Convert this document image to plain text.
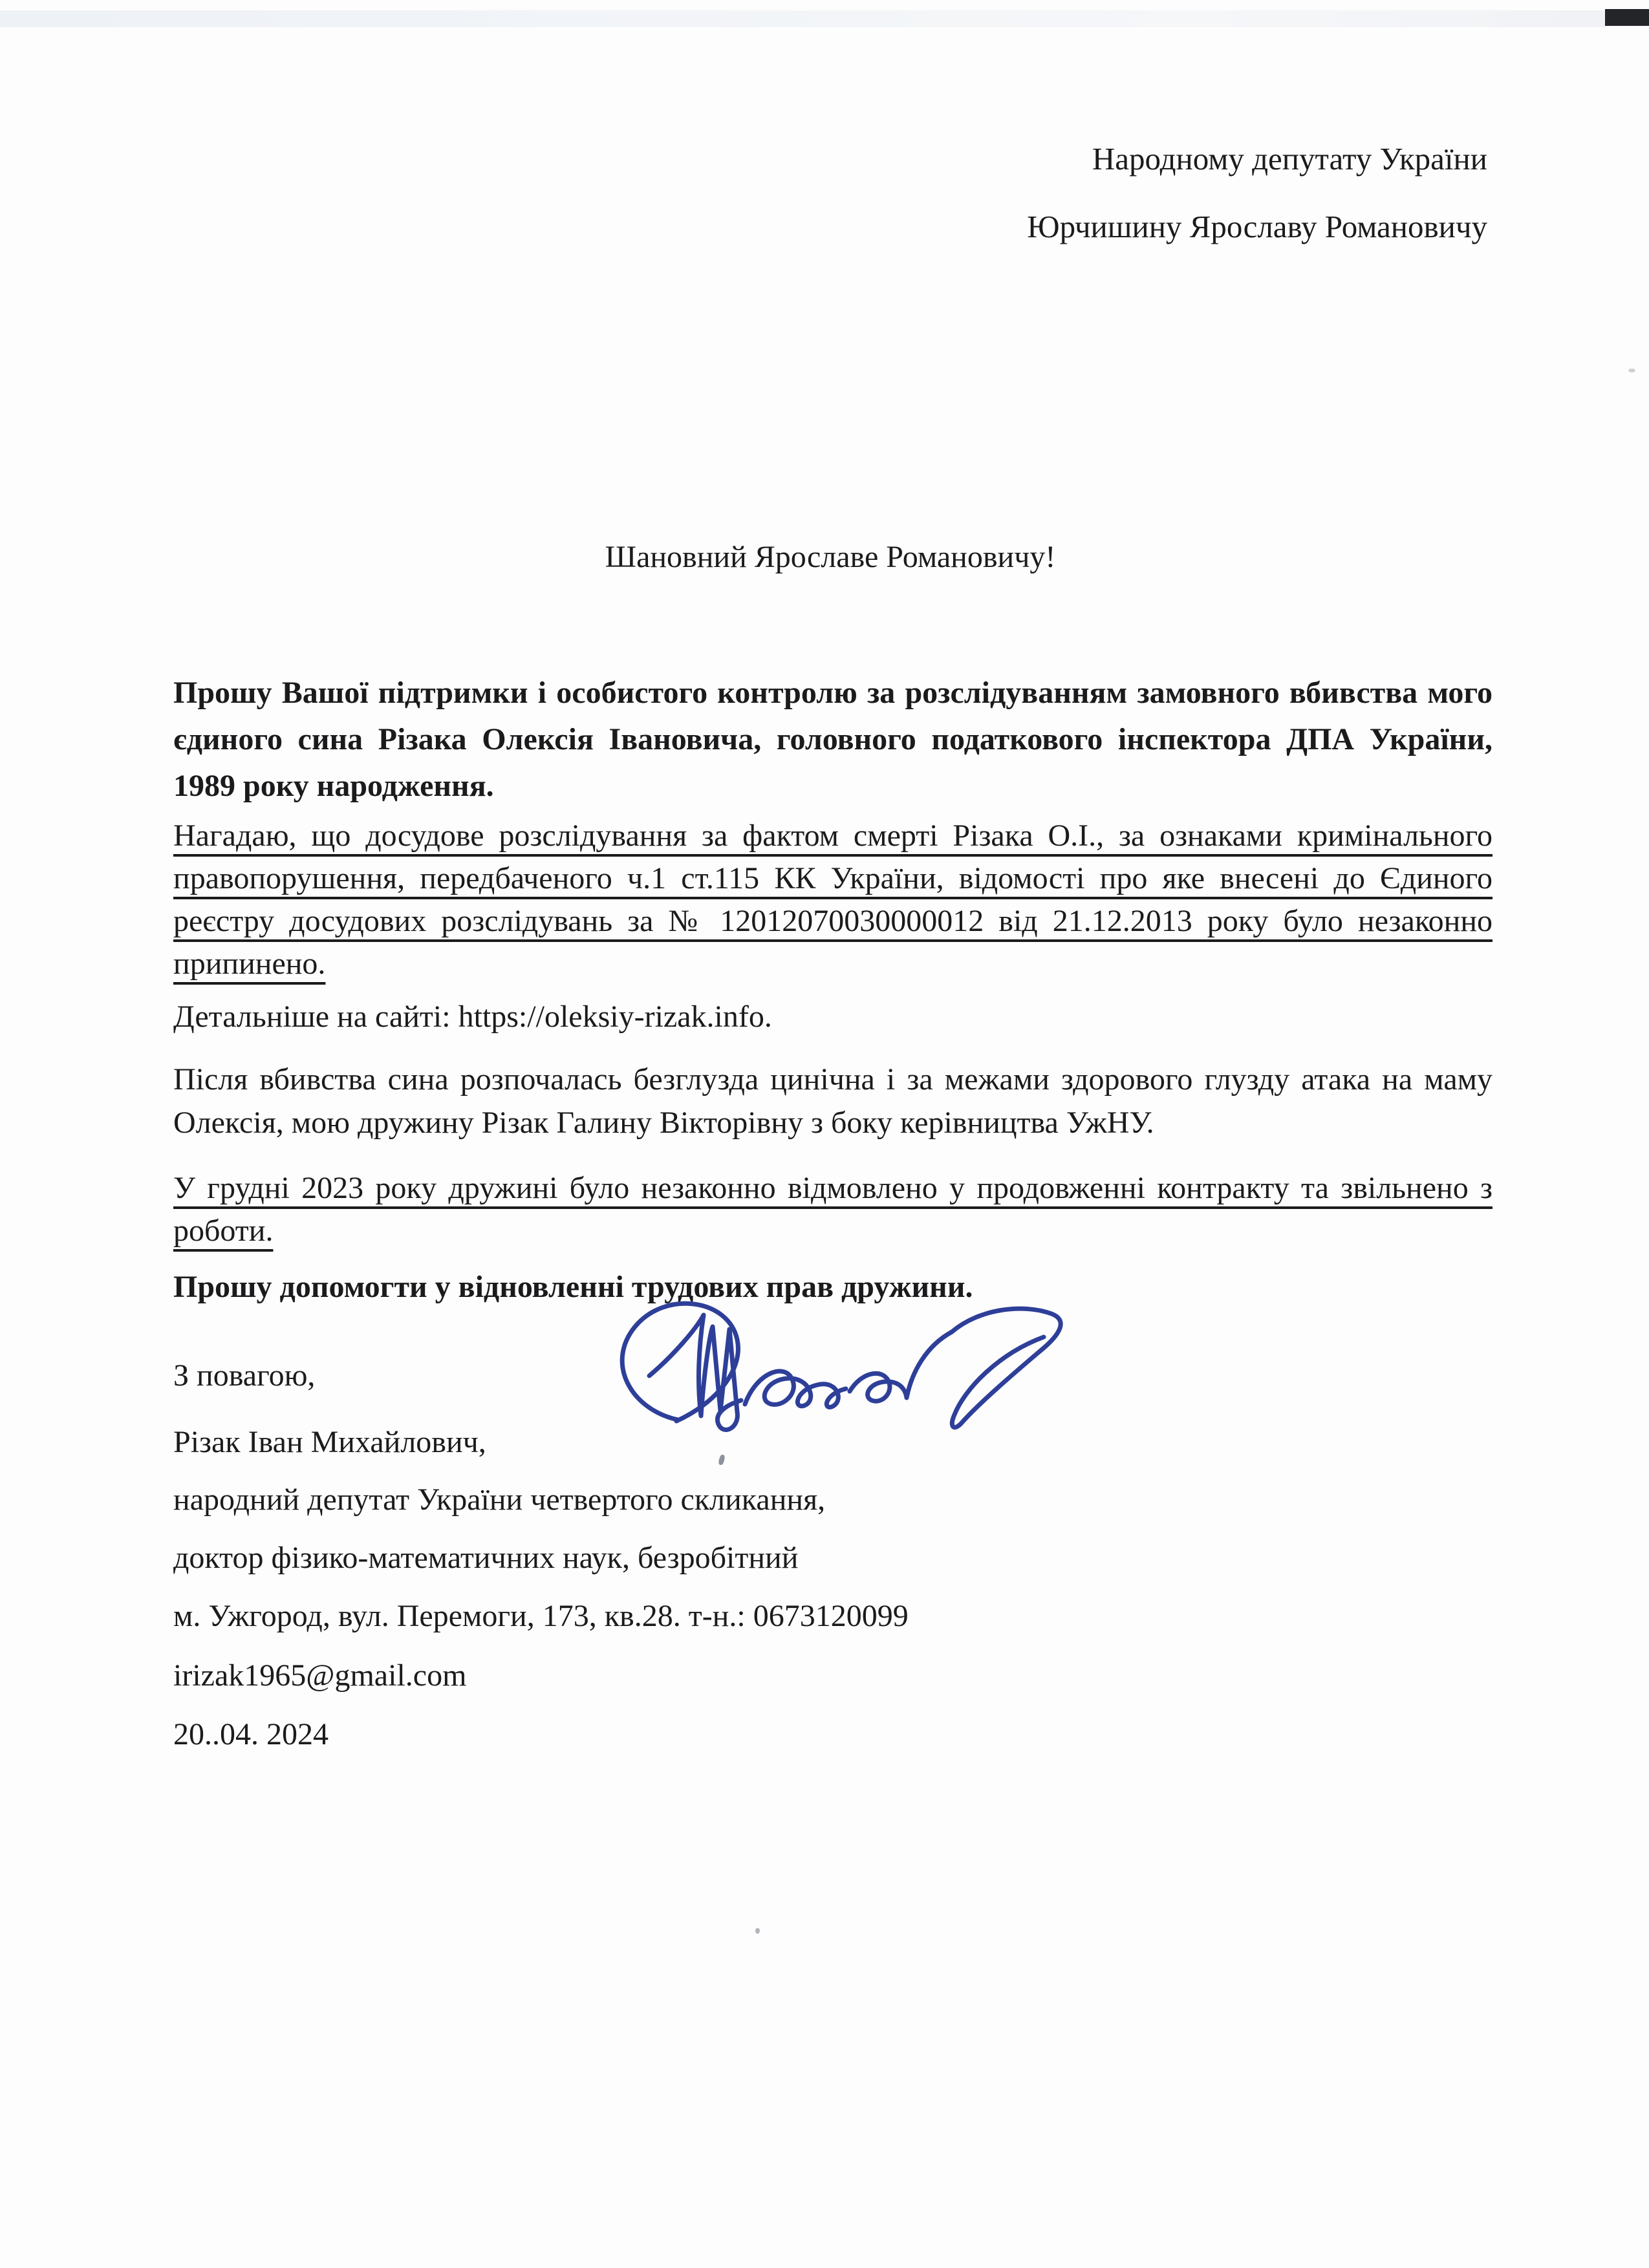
Народному депутату України
Юрчишину Ярославу Романовичу
Шановний Ярославе Романовичу!

Прошу Вашої підтримки і особистого контролю за розслідуванням замовного вбивства мого єдиного сина Різака Олексія Івановича, головного податкового інспектора ДПА України, 1989 року народження.

Нагадаю, що досудове розслідування за фактом смерті Різака О.І., за ознаками кримінального правопорушення, передбаченого ч.1 ст.115 КК України, відомості про яке внесені до Єдиного реєстру досудових розслідувань за № 12012070030000012 від 21.12.2013 року було незаконно припинено.

Детальніше на сайті: https://oleksiy-rizak.info.

Після вбивства сина розпочалась безглузда цинічна і за межами здорового глузду атака на маму Олексія, мою дружину Різак Галину Вікторівну з боку керівництва УжНУ.

У грудні 2023 року дружині було незаконно відмовлено у продовженні контракту та звільнено з роботи.

Прошу допомогти у відновленні трудових прав дружини.

З повагою,
Різак Іван Михайлович,
народний депутат України четвертого скликання,
доктор фізико-математичних наук, безробітний
м. Ужгород, вул. Перемоги, 173, кв.28. т-н.: 0673120099
irizak1965@gmail.com
20..04. 2024
